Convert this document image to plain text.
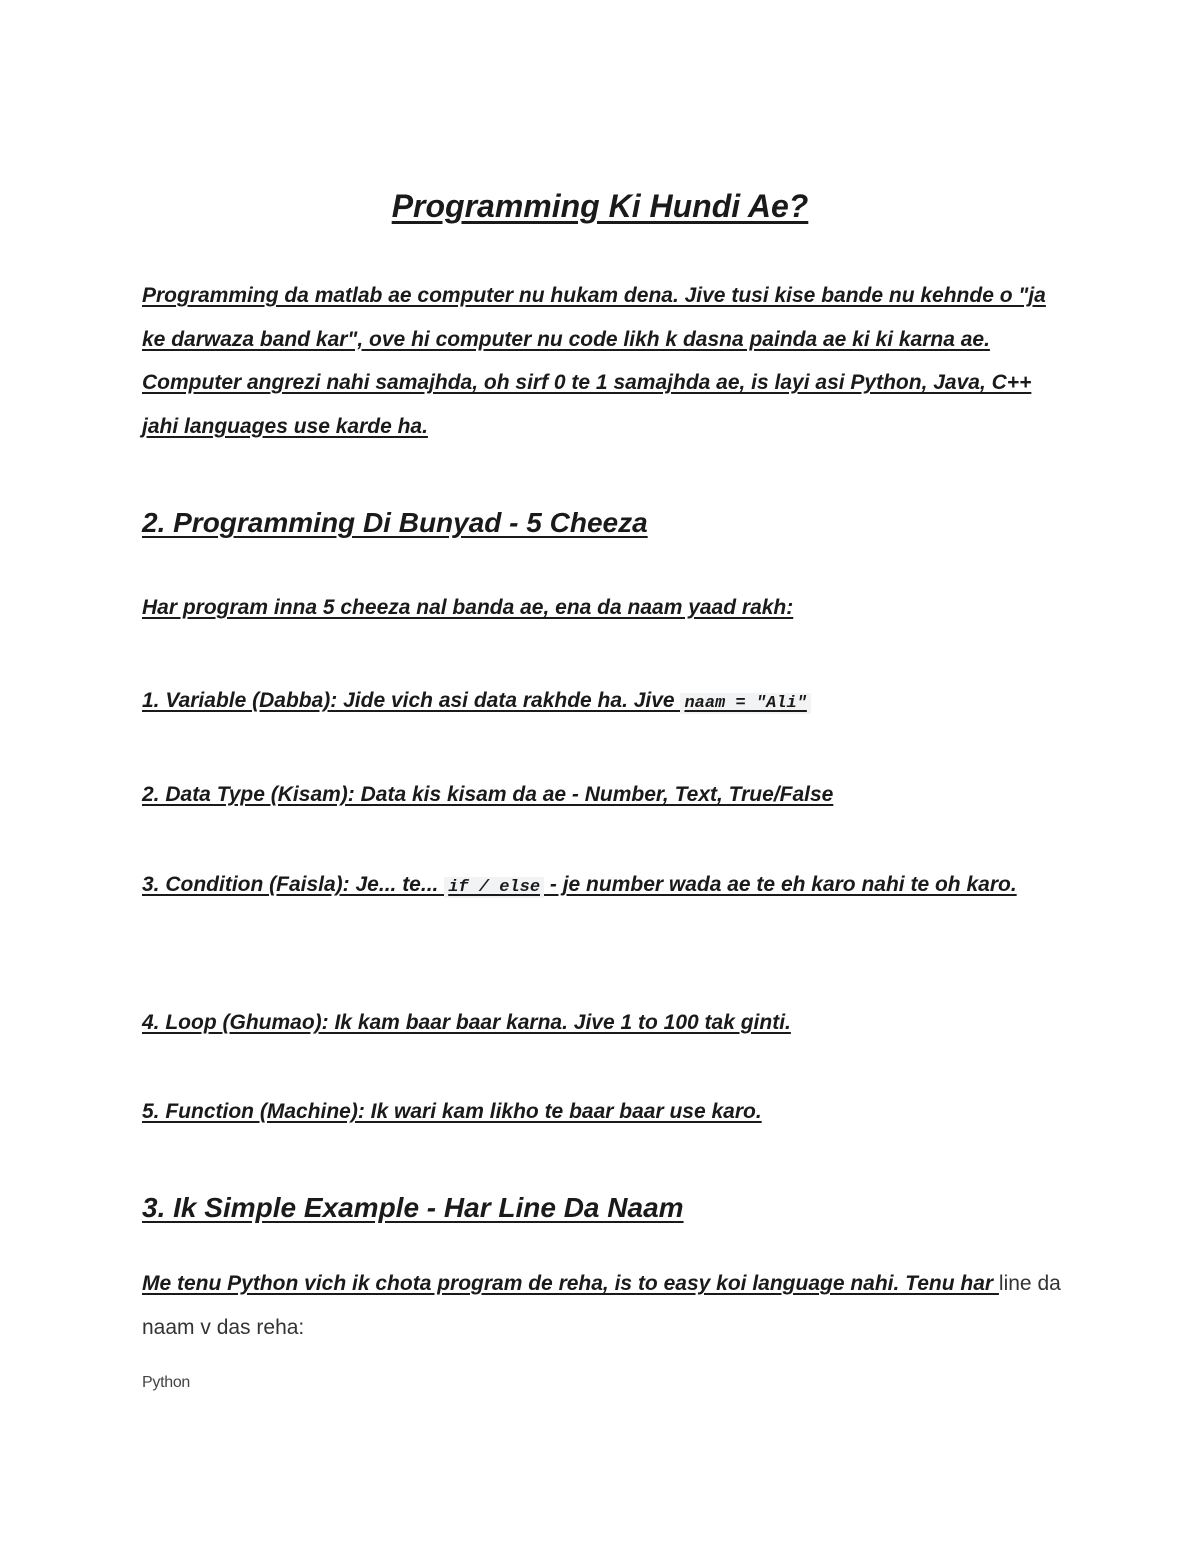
Programming Ki Hundi Ae?

Programming da matlab ae computer nu hukam dena. Jive tusi kise bande nu kehnde o "ja ke darwaza band kar", ove hi computer nu code likh k dasna painda ae ki ki karna ae. Computer angrezi nahi samajhda, oh sirf 0 te 1 samajhda ae, is layi asi Python, Java, C++ jahi languages use karde ha.

2. Programming Di Bunyad - 5 Cheeza

Har program inna 5 cheeza nal banda ae, ena da naam yaad rakh:

1. Variable (Dabba): Jide vich asi data rakhde ha. Jive naam = "Ali"

2. Data Type (Kisam): Data kis kisam da ae - Number, Text, True/False

3. Condition (Faisla): Je... te... if / else - je number wada ae te eh karo nahi te oh karo.

4. Loop (Ghumao): Ik kam baar baar karna. Jive 1 to 100 tak ginti.

5. Function (Machine): Ik wari kam likho te baar baar use karo.

3. Ik Simple Example - Har Line Da Naam

Me tenu Python vich ik chota program de reha, is to easy koi language nahi. Tenu har line da naam v das reha:

Python
